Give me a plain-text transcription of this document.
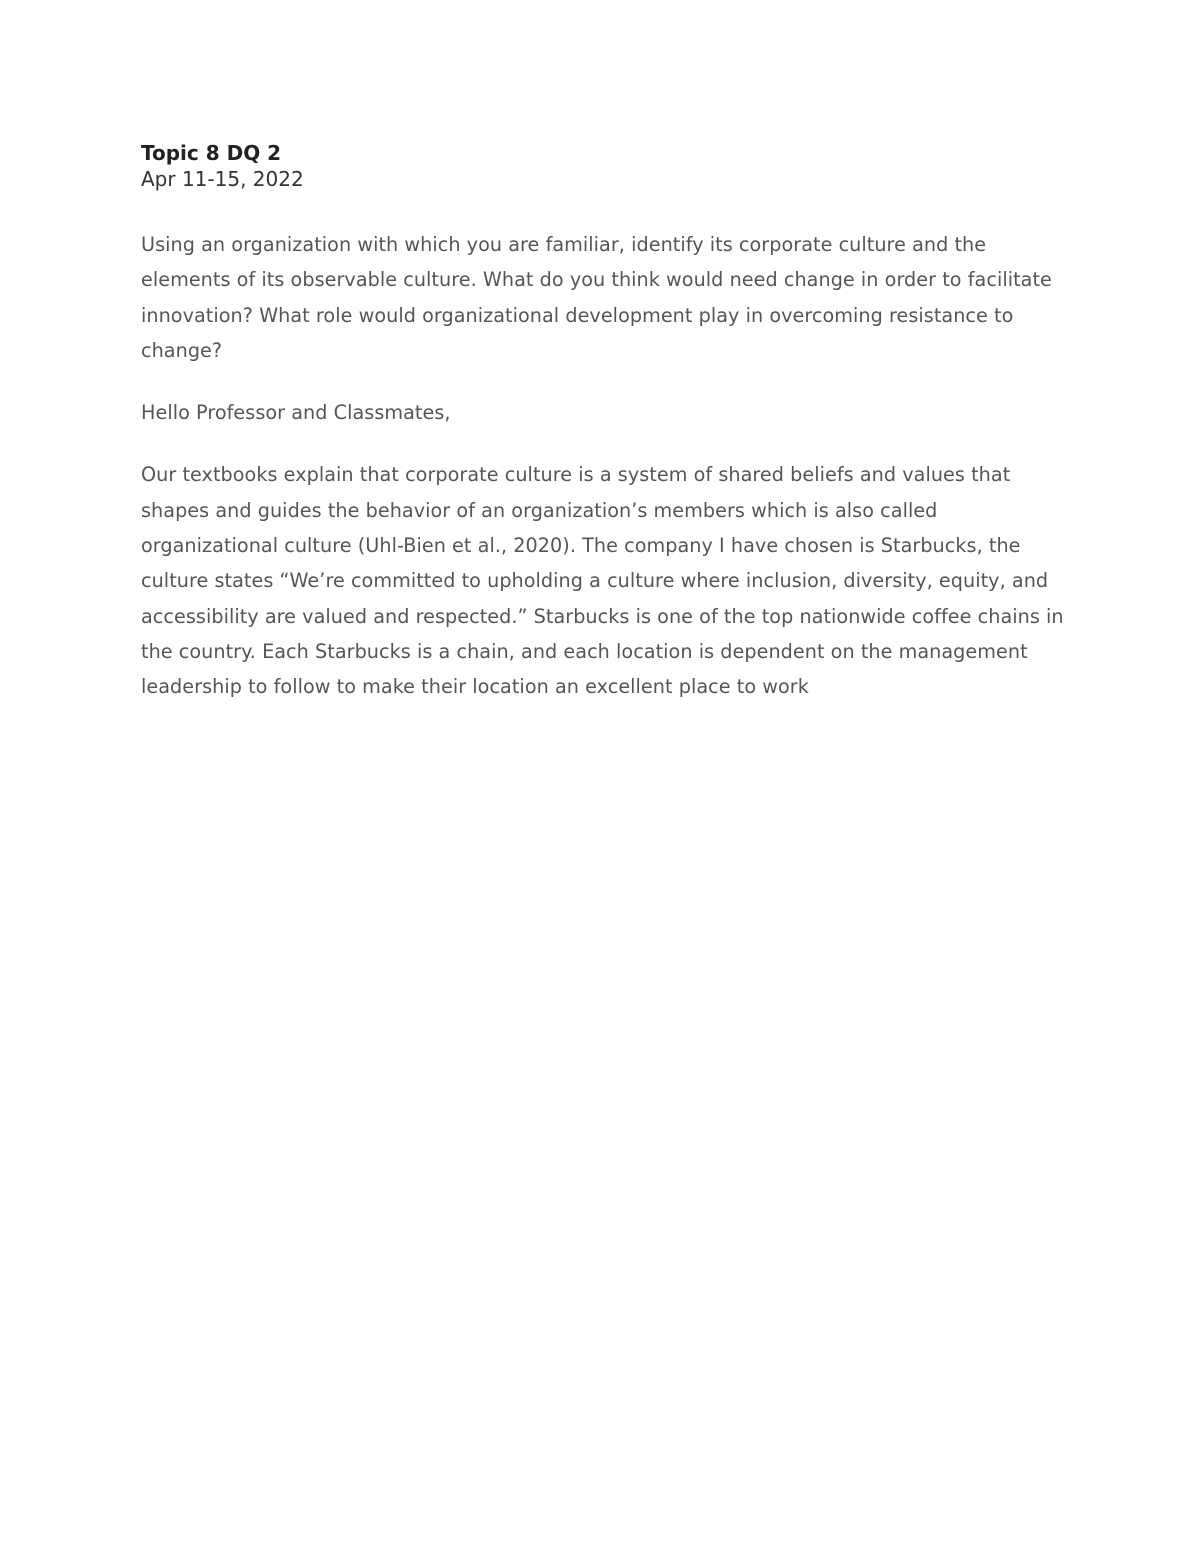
Topic 8 DQ 2

Apr 11-15, 2022

Using an organization with which you are familiar, identify its corporate culture and the elements of its observable culture. What do you think would need change in order to facilitate innovation? What role would organizational development play in overcoming resistance to change?

Hello Professor and Classmates,

Our textbooks explain that corporate culture is a system of shared beliefs and values that shapes and guides the behavior of an organization’s members which is also called organizational culture (Uhl-Bien et al., 2020). The company I have chosen is Starbucks, the culture states “We’re committed to upholding a culture where inclusion, diversity, equity, and accessibility are valued and respected.” Starbucks is one of the top nationwide coffee chains in the country. Each Starbucks is a chain, and each location is dependent on the management leadership to follow to make their location an excellent place to work
